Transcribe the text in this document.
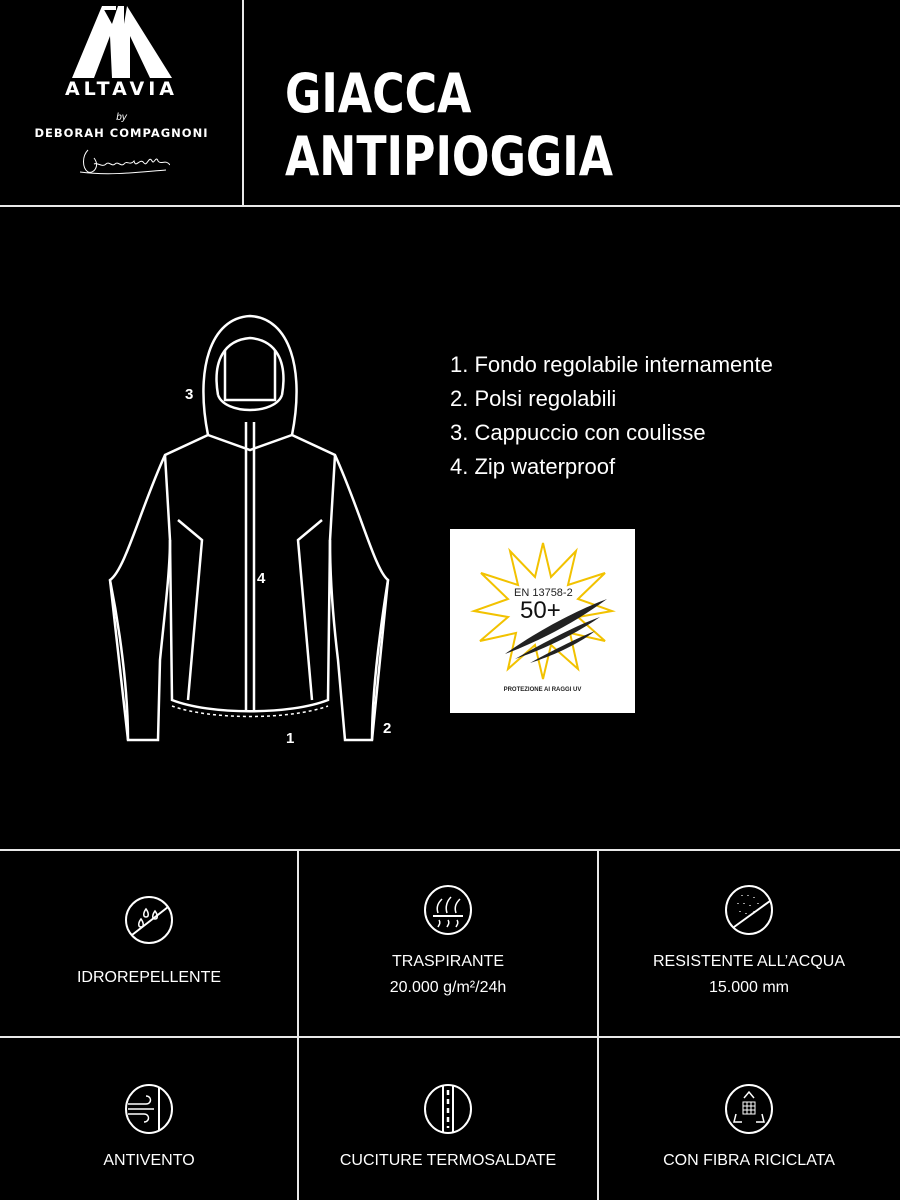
ALTAVIA
by
DEBORAH COMPAGNONI
GIACCA ANTIPIOGGIA
1
2
3
4
1. Fondo regolabile internamente
2. Polsi regolabili
3. Cappuccio con coulisse
4. Zip waterproof
EN 13758-2
50+
PROTEZIONE AI RAGGI UV
IDROREPELLENTE
TRASPIRANTE
20.000 g/m²/24h
RESISTENTE ALL’ACQUA
15.000 mm
ANTIVENTO	CUCITURE TERMOSALDATE	CON FIBRA RICICLATA
